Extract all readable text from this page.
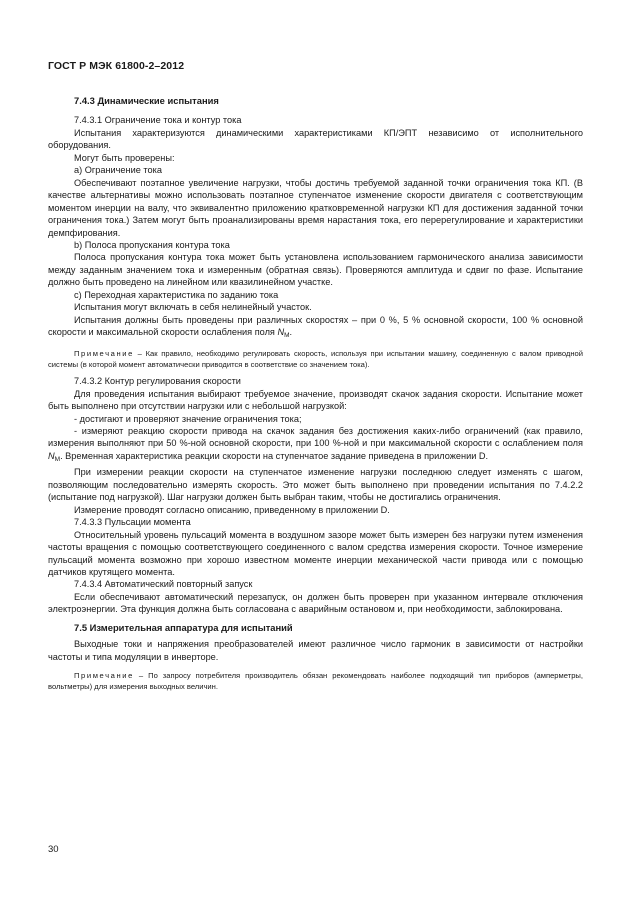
ГОСТ Р МЭК 61800-2–2012
7.4.3 Динамические испытания

7.4.3.1 Ограничение тока и контур тока

Испытания характеризуются динамическими характеристиками КП/ЭПТ независимо от исполнительного оборудования.

Могут быть проверены:

а) Ограничение тока

Обеспечивают поэтапное увеличение нагрузки, чтобы достичь требуемой заданной точки ограничения тока КП. (В качестве альтернативы можно использовать поэтапное ступенчатое изменение скорости двигателя с соответствующим моментом инерции на валу, что эквивалентно приложению кратковременной нагрузки КП для достижения заданной точки ограничения тока.) Затем могут быть проанализированы время нарастания тока, его перерегулирование и характеристики демпфирования.

b) Полоса пропускания контура тока

Полоса пропускания контура тока может быть установлена использованием гармонического анализа зависимости между заданным значением тока и измеренным (обратная связь). Проверяются амплитуда и сдвиг по фазе. Испытание должно быть проведено на линейном или квазилинейном участке.

с) Переходная характеристика по заданию тока

Испытания могут включать в себя нелинейный участок.

Испытания должны быть проведены при различных скоростях – при 0 %, 5 % основной скорости, 100 % основной скорости и максимальной скорости ослабления поля $N_M$.

Примечание – Как правило, необходимо регулировать скорость, используя при испытании машину, соединенную с валом приводной системы (в которой момент автоматически приводится в соответствие со значением тока).

7.4.3.2 Контур регулирования скорости

Для проведения испытания выбирают требуемое значение, производят скачок задания скорости. Испытание может быть выполнено при отсутствии нагрузки или с небольшой нагрузкой:

- достигают и проверяют значение ограничения тока;

- измеряют реакцию скорости привода на скачок задания без достижения каких-либо ограничений (как правило, измерения выполняют при 50 %-ной основной скорости, при 100 %-ной и при максимальной скорости с ослаблением поля $N_M$. Временная характеристика реакции скорости на ступенчатое задание приведена в приложении D.

При измерении реакции скорости на ступенчатое изменение нагрузки последнюю следует изменять с шагом, позволяющим последовательно измерять скорость. Это может быть выполнено при проведении испытания по 7.4.2.2 (испытание под нагрузкой). Шаг нагрузки должен быть выбран таким, чтобы не достигались ограничения.

Измерение проводят согласно описанию, приведенному в приложении D.

7.4.3.3 Пульсации момента

Относительный уровень пульсаций момента в воздушном зазоре может быть измерен без нагрузки путем изменения частоты вращения с помощью соответствующего соединенного с валом средства измерения скорости. Точное измерение пульсаций момента возможно при хорошо известном моменте инерции механической части привода или с помощью датчиков крутящего момента.

7.4.3.4 Автоматический повторный запуск

Если обеспечивают автоматический перезапуск, он должен быть проверен при указанном интервале отключения электроэнергии. Эта функция должна быть согласована с аварийным остановом и, при необходимости, заблокирована.

7.5 Измерительная аппаратура для испытаний

Выходные токи и напряжения преобразователей имеют различное число гармоник в зависимости от настройки частоты и типа модуляции в инверторе.

Примечание – По запросу потребителя производитель обязан рекомендовать наиболее подходящий тип приборов (амперметры, вольтметры) для измерения выходных величин.

30
